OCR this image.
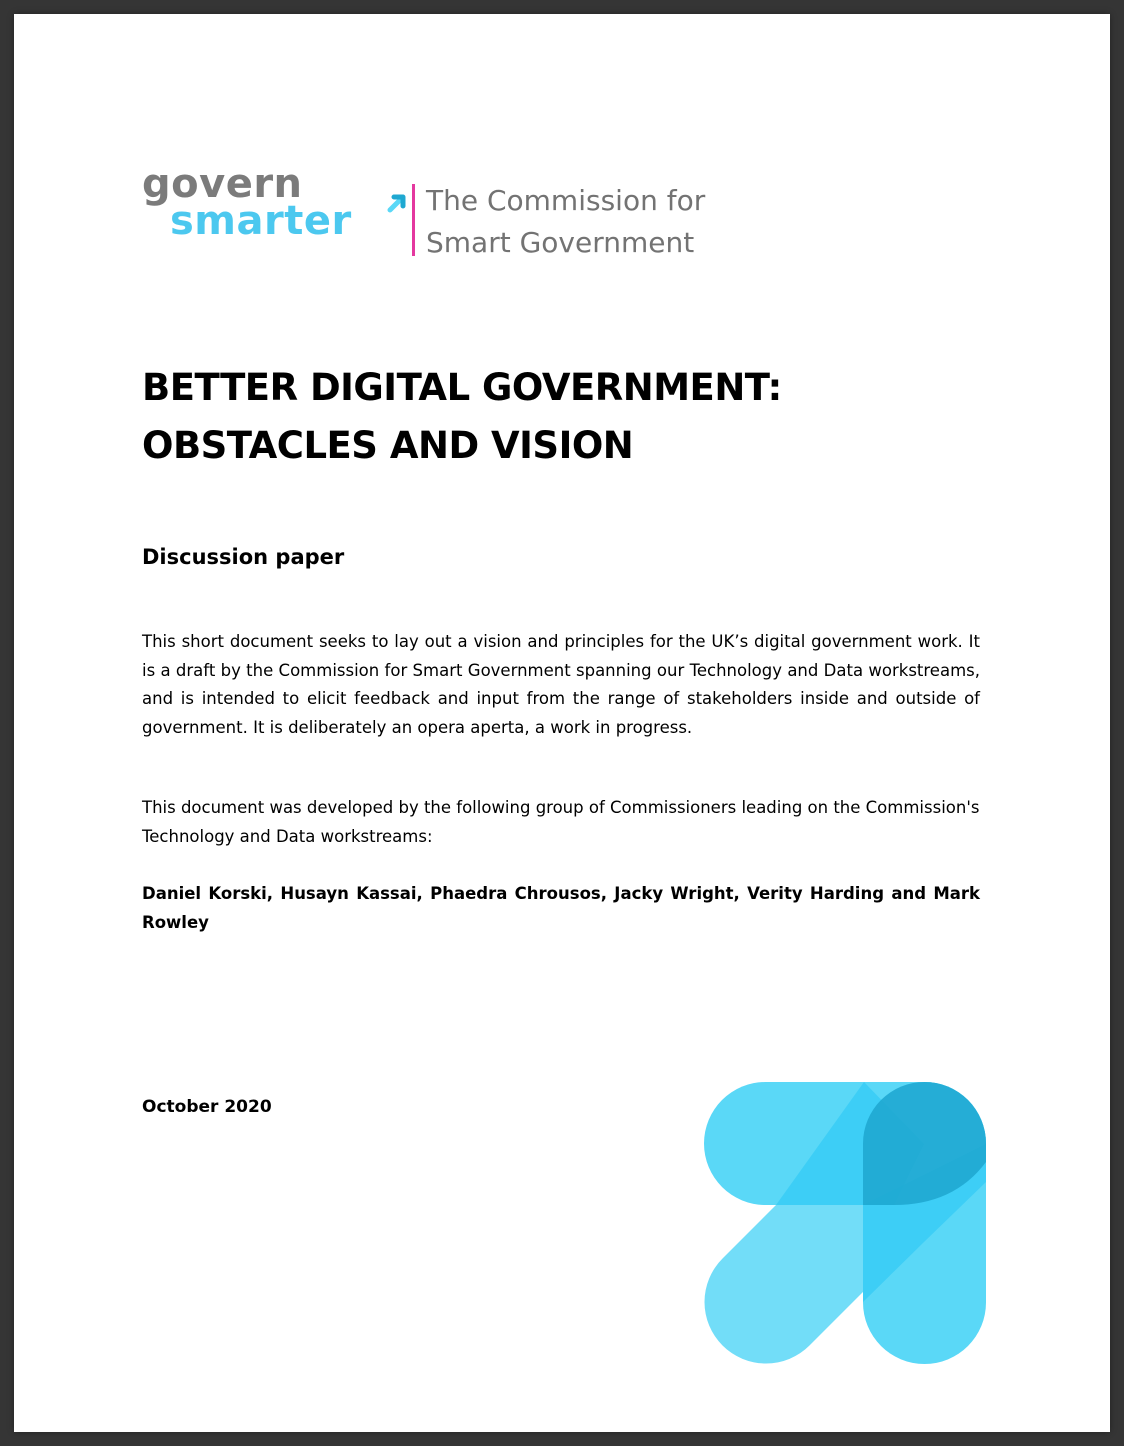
govern
smarter	The Commission for
Smart Government
BETTER DIGITAL GOVERNMENT:
OBSTACLES AND VISION
Discussion paper

This short document seeks to lay out a vision and principles for the UK’s digital government work. It is a draft by the Commission for Smart Government spanning our Technology and Data workstreams, and is intended to elicit feedback and input from the range of stakeholders inside and outside of government. It is deliberately an opera aperta, a work in progress.

This document was developed by the following group of Commissioners leading on the Commission's Technology and Data workstreams:

Daniel Korski, Husayn Kassai, Phaedra Chrousos, Jacky Wright, Verity Harding and Mark Rowley

October 2020
